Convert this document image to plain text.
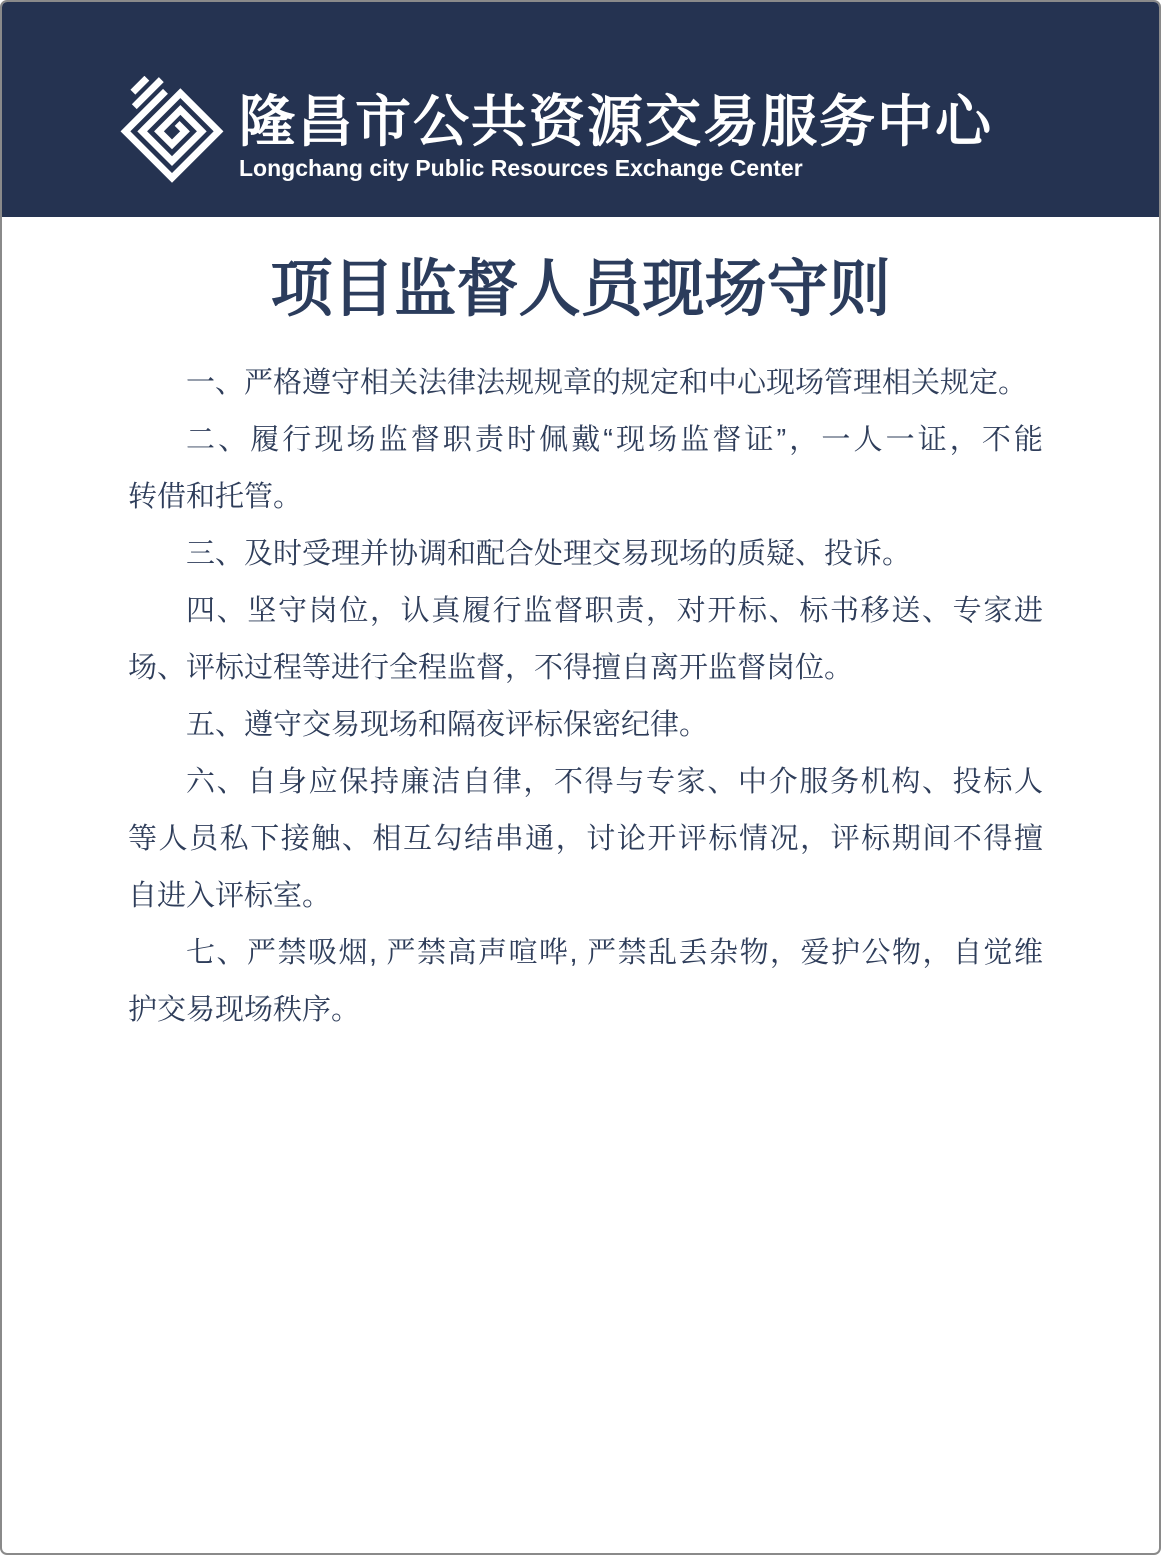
隆昌市公共资源交易服务中心
Longchang city Public Resources Exchange Center
项目监督人员现场守则
一、严格遵守相关法律法规规章的规定和中心现场管理相关规定。
二、履行现场监督职责时佩戴“现场监督证”，一人一证，不能
转借和托管。
三、及时受理并协调和配合处理交易现场的质疑、投诉。
四、坚守岗位，认真履行监督职责，对开标、标书移送、专家进
场、评标过程等进行全程监督，不得擅自离开监督岗位。
五、遵守交易现场和隔夜评标保密纪律。
六、自身应保持廉洁自律，不得与专家、中介服务机构、投标人
等人员私下接触、相互勾结串通，讨论开评标情况，评标期间不得擅
自进入评标室。
七、严禁吸烟, 严禁高声喧哗, 严禁乱丢杂物，爱护公物，自觉维
护交易现场秩序。
